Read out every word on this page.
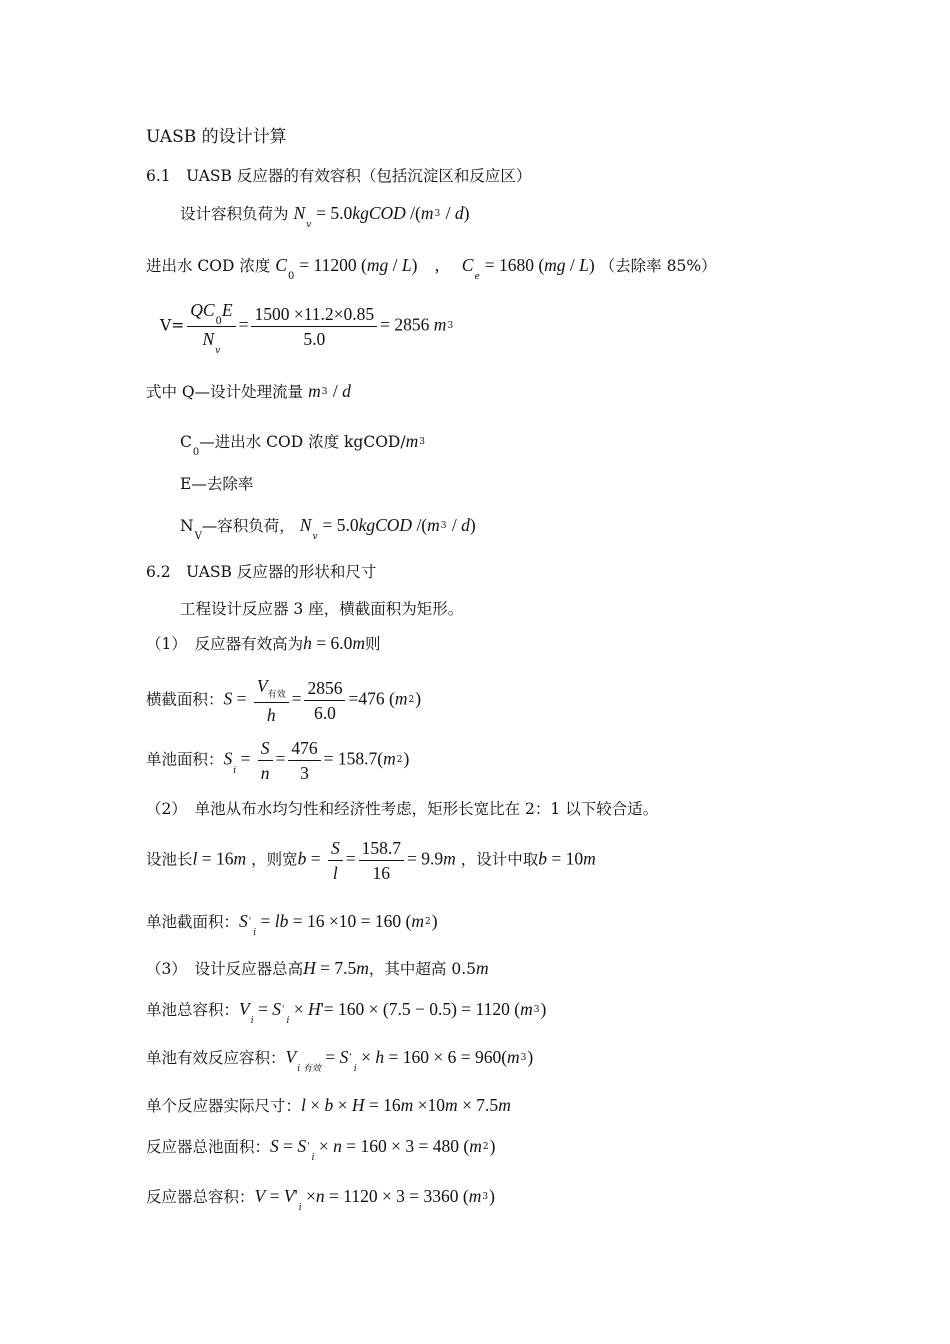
UASB 的设计计算
6.1　UASB 反应器的有效容积（包括沉淀区和反应区）
设计容积负荷为 $N_v$ = 5.0kgCOD /(m3 / d)
进出水 COD 浓度 $C_0 = 11200$ (mg / L)　,　 $C_e = 1680$ (mg / L) （去除率 85%）
$V= \frac{QC_0E}{N_v} = \frac{1500 \times 11.2\times 0.85}{5.0} = 2856$ m3
式中 Q—设计处理流量 m3 / d
$C_0—$进出水 COD 浓度 kgCOD/m3
E—去除率
$N_V—$容积负荷， $N_v$ = 5.0kgCOD /(m3 / d)
6.2　UASB 反应器的形状和尺寸
工程设计反应器 3 座，横截面积为矩形。
（1）　反应器有效高为h = 6.0m则
横截面积：$S = \frac{V_{有效}}{h} = \frac{2856}{6.0} =476$ (m2)
单池面积：$S_i = \frac{S}{n} = \frac{476}{3} = 158.7(m2)$
（2）　单池从布水均匀性和经济性考虑，矩形长宽比在 2：1 以下较合适。
设池长l = 16m ，则宽$b = \frac{S}{l} = \frac{158.7}{16} = 9.9m$ ，设计中取b = 10m
单池截面积：$S'_i$ = lb = 16 ×10 = 160 (m2)
（3）　设计反应器总高H = 7.5m，其中超高 0.5m
单池总容积：$V_i = S'_i \times H'= 160 \times (7.5 - 0.5) = 1120$ (m3)
单池有效反应容积：$V_{i 有效} = S'_i \times h = 160 \times 6 = 960(m3)$
单个反应器实际尺寸：l × b × H = 16m ×10m × 7.5m
反应器总池面积：$S = S'_i \times n = 160 \times 3 = 480$ (m2)
反应器总容积：$V = V'_i \times n = 1120 \times 3 = 3360$ (m3)
